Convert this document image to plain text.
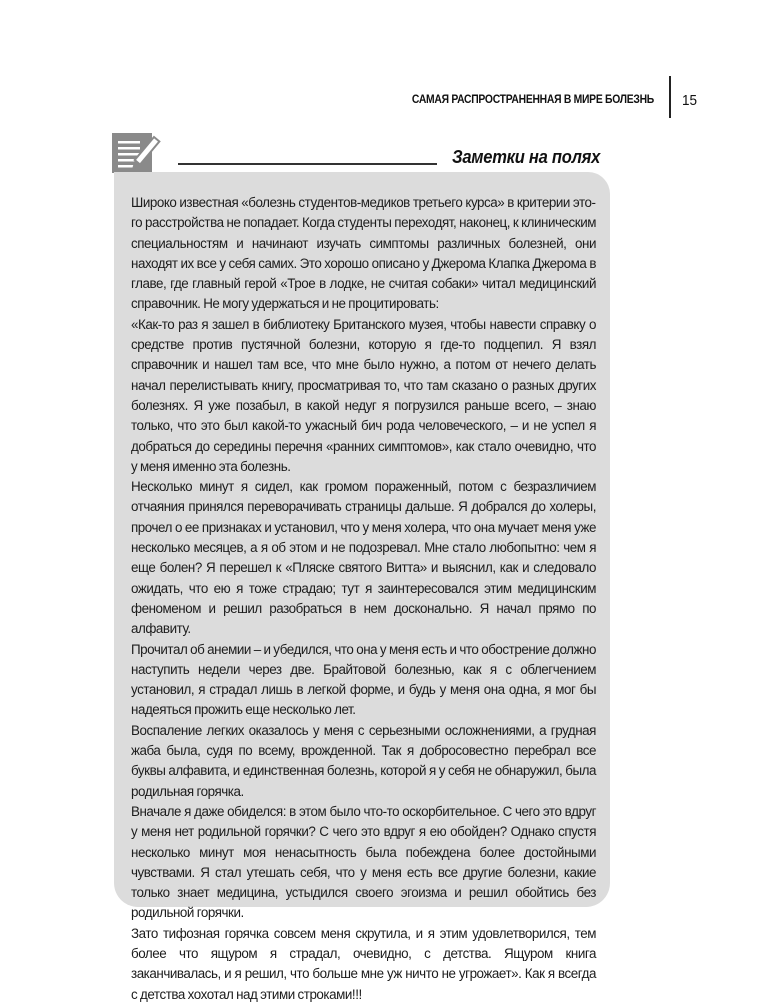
САМАЯ РАСПРОСТРАНЕННАЯ В МИРЕ БОЛЕЗНЬ 15
Заметки на полях

Широко известная «болезнь студентов-медиков третьего курса» в критерии этого расстройства не попадает. Когда студенты переходят, наконец, к клиническим специальностям и начинают изучать симптомы различных болезней, они находят их все у себя самих. Это хорошо описано у Джерома Клапка Джерома в главе, где главный герой «Трое в лодке, не считая собаки» читал медицинский справочник. Не могу удержаться и не процитировать:

«Как-то раз я зашел в библиотеку Британского музея, чтобы навести справку о средстве против пустячной болезни, которую я где-то подцепил. Я взял справочник и нашел там все, что мне было нужно, а потом от нечего делать начал перелистывать книгу, просматривая то, что там сказано о разных других болезнях. Я уже позабыл, в какой недуг я погрузился раньше всего, – знаю только, что это был какой-то ужасный бич рода человеческого, – и не успел я добраться до середины перечня «ранних симптомов», как стало очевидно, что у меня именно эта болезнь.

Несколько минут я сидел, как громом пораженный, потом с безразличием отчаяния принялся переворачивать страницы дальше. Я добрался до холеры, прочел о ее признаках и установил, что у меня холера, что она мучает меня уже несколько месяцев, а я об этом и не подозревал. Мне стало любопытно: чем я еще болен? Я перешел к «Пляске святого Витта» и выяснил, как и следовало ожидать, что ею я тоже страдаю; тут я заинтересовался этим медицинским феноменом и решил разобраться в нем досконально. Я начал прямо по алфавиту.

Прочитал об анемии – и убедился, что она у меня есть и что обострение должно наступить недели через две. Брайтовой болезнью, как я с облегчением установил, я страдал лишь в легкой форме, и будь у меня она одна, я мог бы надеяться прожить еще несколько лет.

Воспаление легких оказалось у меня с серьезными осложнениями, а грудная жаба была, судя по всему, врожденной. Так я добросовестно перебрал все буквы алфавита, и единственная болезнь, которой я у себя не обнаружил, была родильная горячка.

Вначале я даже обиделся: в этом было что-то оскорбительное. С чего это вдруг у меня нет родильной горячки? С чего это вдруг я ею обойден? Однако спустя несколько минут моя ненасытность была побеждена более достойными чувствами. Я стал утешать себя, что у меня есть все другие болезни, какие только знает медицина, устыдился своего эгоизма и решил обойтись без родильной горячки.

Зато тифозная горячка совсем меня скрутила, и я этим удовлетворился, тем более что ящуром я страдал, очевидно, с детства. Ящуром книга заканчивалась, и я решил, что больше мне уж ничто не угрожает». Как я всегда с детства хохотал над этими строками!!!
